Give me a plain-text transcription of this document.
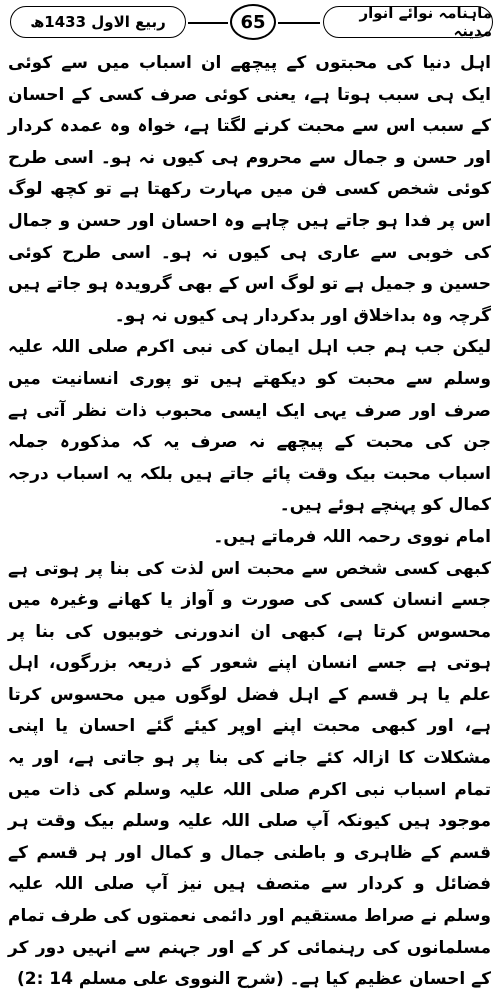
ربیع الاول 1433ھ	65	ماہنامہ نوائے انوار مدینہ

اہل دنیا کی محبتوں کے پیچھے ان اسباب میں سے کوئی ایک ہی سبب ہوتا ہے، یعنی کوئی صرف کسی کے احسان کے سبب اس سے محبت کرنے لگتا ہے، خواہ وہ عمدہ کردار اور حسن و جمال سے محروم ہی کیوں نہ ہو۔ اسی طرح کوئی شخص کسی فن میں مہارت رکھتا ہے تو کچھ لوگ اس پر فدا ہو جاتے ہیں چاہے وہ احسان اور حسن و جمال کی خوبی سے عاری ہی کیوں نہ ہو۔ اسی طرح کوئی حسین و جمیل ہے تو لوگ اس کے بھی گرویدہ ہو جاتے ہیں گرچہ وہ بداخلاق اور بدکردار ہی کیوں نہ ہو۔

لیکن جب ہم جب اہل ایمان کی نبی اکرم صلی اللہ علیہ وسلم سے محبت کو دیکھتے ہیں تو پوری انسانیت میں صرف اور صرف یہی ایک ایسی محبوب ذات نظر آتی ہے جن کی محبت کے پیچھے نہ صرف یہ کہ مذکورہ جملہ اسباب محبت بیک وقت پائے جاتے ہیں بلکہ یہ اسباب درجہ کمال کو پہنچے ہوئے ہیں۔

امام نووی رحمہ اللہ فرماتے ہیں۔

کبھی کسی شخص سے محبت اس لذت کی بنا پر ہوتی ہے جسے انسان کسی کی صورت و آواز یا کھانے وغیرہ میں محسوس کرتا ہے، کبھی ان اندورنی خوبیوں کی بنا پر ہوتی ہے جسے انسان اپنے شعور کے ذریعہ بزرگوں، اہل علم یا ہر قسم کے اہل فضل لوگوں میں محسوس کرتا ہے، اور کبھی محبت اپنے اوپر کیئے گئے احسان یا اپنی مشکلات کا ازالہ کئے جانے کی بنا پر ہو جاتی ہے، اور یہ تمام اسباب نبی اکرم صلی اللہ علیہ وسلم کی ذات میں موجود ہیں کیونکہ آپ صلی اللہ علیہ وسلم بیک وقت ہر قسم کے ظاہری و باطنی جمال و کمال اور ہر قسم کے فضائل و کردار سے متصف ہیں نیز آپ صلی اللہ علیہ وسلم نے صراط مستقیم اور دائمی نعمتوں کی طرف تمام مسلمانوں کی رہنمائی کر کے اور جہنم سے انہیں دور کر کے احسان عظیم کیا ہے۔ (شرح النووی علی مسلم 14 :2)
